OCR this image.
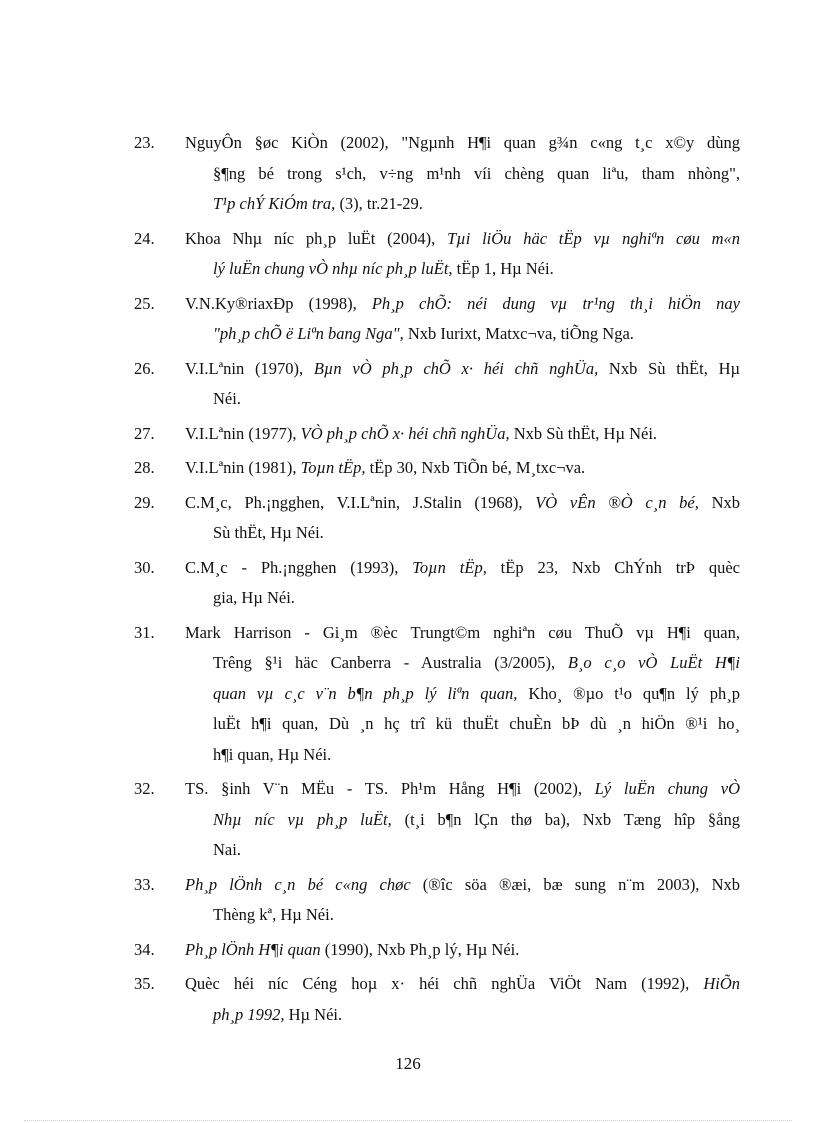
23.	NguyÔn §øc KiÒn (2002), "Ngµnh H¶i quan g¾n c«ng t¸c x©y dùng
§¶ng bé trong s¹ch, v÷ng m¹nh víi chèng quan liªu, tham nhòng",
T¹p chÝ KiÓm tra, (3), tr.21-29.
24.	Khoa Nhµ níc ph¸p luËt (2004), Tµi liÖu häc tËp vµ nghiªn cøu m«n
lý luËn chung vÒ nhµ níc ph¸p luËt, tËp 1, Hµ Néi.
25.	V.N.Ky®riaxÐp (1998), Ph¸p chÕ: néi dung vµ tr¹ng th¸i hiÖn nay
"ph¸p chÕ ë Liªn bang Nga", Nxb Iurixt, Matxc¬va, tiÕng Nga.
26.	V.I.Lªnin (1970), Bµn vÒ ph¸p chÕ x· héi chñ nghÜa, Nxb Sù thËt, Hµ
Néi.
27.	V.I.Lªnin (1977), VÒ ph¸p chÕ x· héi chñ nghÜa, Nxb Sù thËt, Hµ Néi.
28.	V.I.Lªnin (1981), Toµn tËp, tËp 30, Nxb TiÕn bé, M¸txc¬va.
29.	C.M¸c, Ph.¡ngghen, V.I.Lªnin, J.Stalin (1968), VÒ vÊn ®Ò c¸n bé, Nxb
Sù thËt, Hµ Néi.
30.	C.M¸c - Ph.¡ngghen (1993), Toµn tËp, tËp 23, Nxb ChÝnh trÞ quèc
gia, Hµ Néi.
31.	Mark Harrison - Gi¸m ®èc Trungt©m nghiªn cøu ThuÕ vµ H¶i quan,
Trêng §¹i häc Canberra - Australia (3/2005), B¸o c¸o vÒ LuËt H¶i
quan vµ c¸c v¨n b¶n ph¸p lý liªn quan, Kho¸ ®µo t¹o qu¶n lý ph¸p
luËt h¶i quan, Dù ¸n hç trî kü thuËt chuÈn bÞ dù ¸n hiÖn ®¹i ho¸
h¶i quan, Hµ Néi.
32.	TS. §inh V¨n MËu - TS. Ph¹m Hång H¶i (2002), Lý luËn chung vÒ
Nhµ níc vµ ph¸p luËt, (t¸i b¶n lÇn thø ba), Nxb Tæng hîp §ång
Nai.
33.	Ph¸p lÖnh c¸n bé c«ng chøc (®îc söa ®æi, bæ sung n¨m 2003), Nxb
Thèng kª, Hµ Néi.
34.	Ph¸p lÖnh H¶i quan (1990), Nxb Ph¸p lý, Hµ Néi.
35.	Quèc héi níc Céng hoµ x· héi chñ nghÜa ViÖt Nam (1992), HiÕn
ph¸p 1992, Hµ Néi.
126
